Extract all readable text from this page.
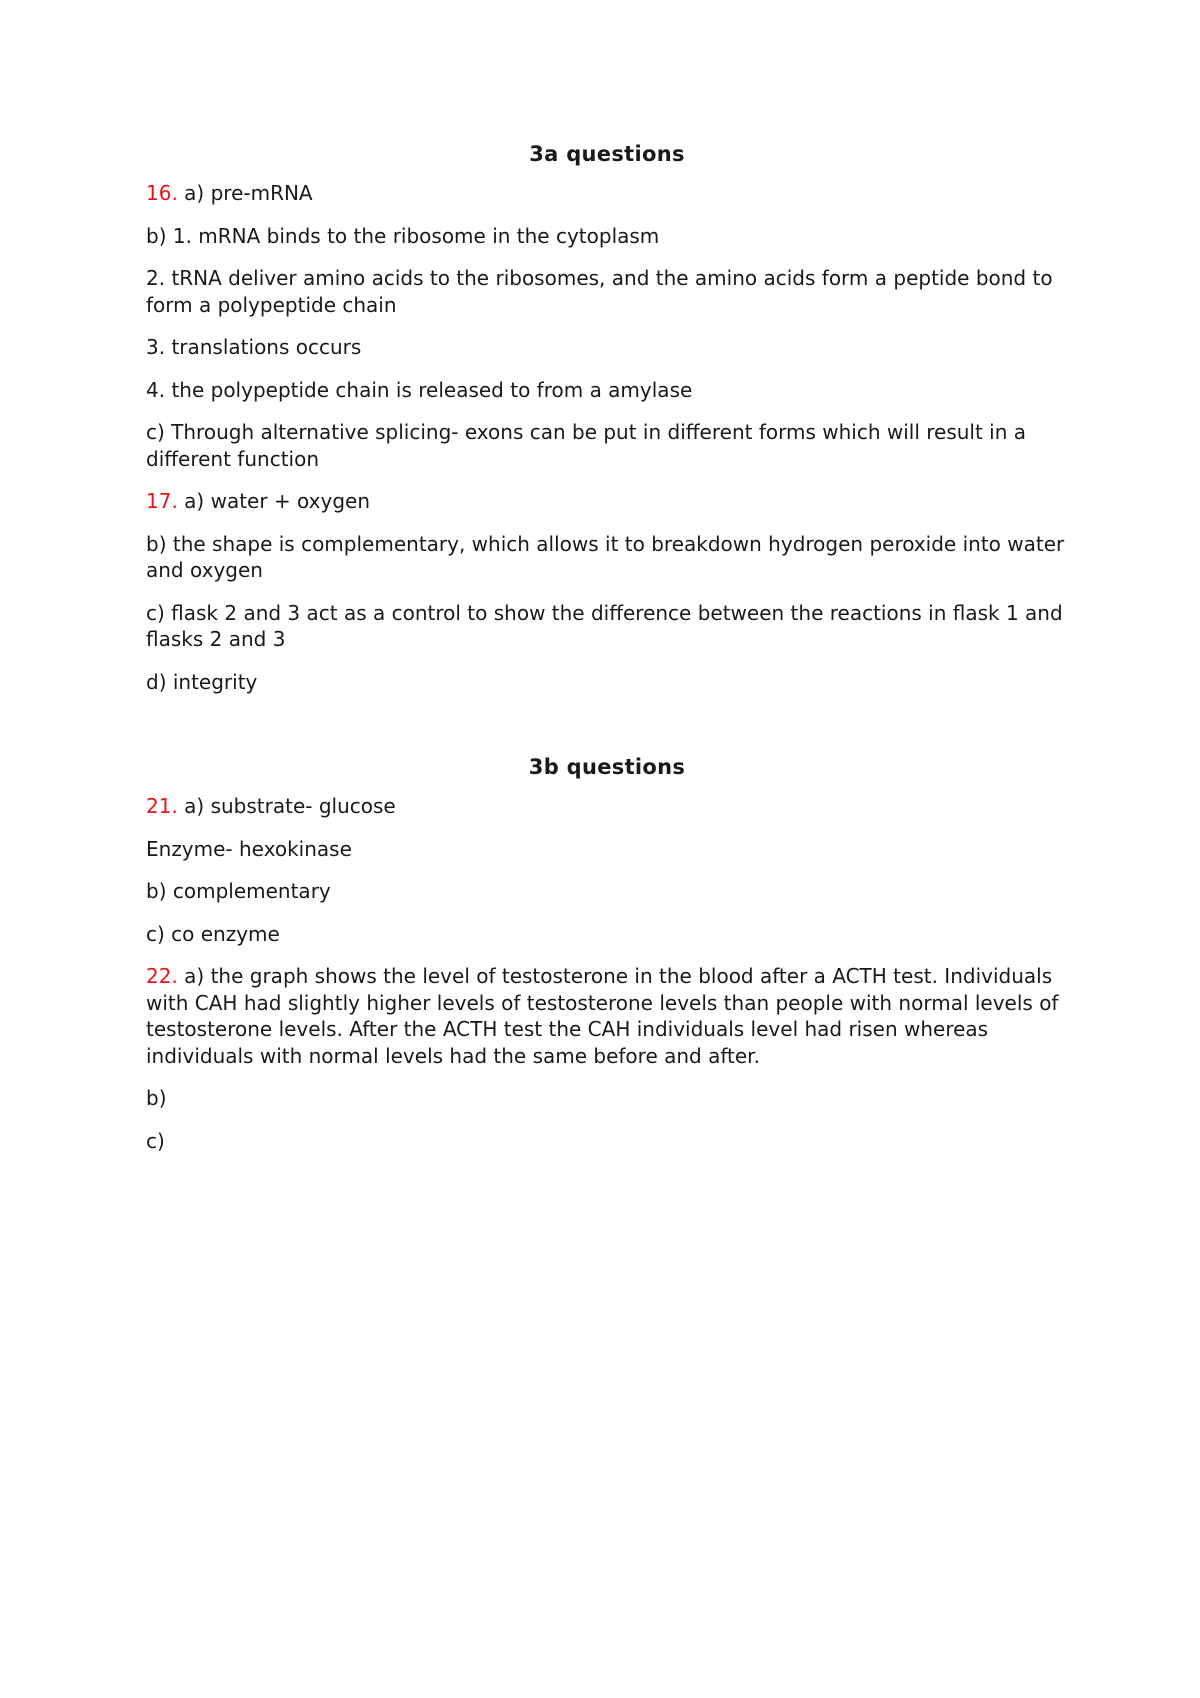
3a questions

16. a) pre-mRNA

b) 1. mRNA binds to the ribosome in the cytoplasm

2. tRNA deliver amino acids to the ribosomes, and the amino acids form a peptide bond to form a polypeptide chain

3. translations occurs

4. the polypeptide chain is released to from a amylase

c) Through alternative splicing- exons can be put in different forms which will result in a different function

17. a) water + oxygen

b) the shape is complementary, which allows it to breakdown hydrogen peroxide into water and oxygen

c) flask 2 and 3 act as a control to show the difference between the reactions in flask 1 and flasks 2 and 3

d) integrity

3b questions

21. a) substrate- glucose

Enzyme- hexokinase

b) complementary

c) co enzyme

22. a) the graph shows the level of testosterone in the blood after a ACTH test. Individuals with CAH had slightly higher levels of testosterone levels than people with normal levels of testosterone levels. After the ACTH test the CAH individuals level had risen whereas individuals with normal levels had the same before and after.

b)

c)
